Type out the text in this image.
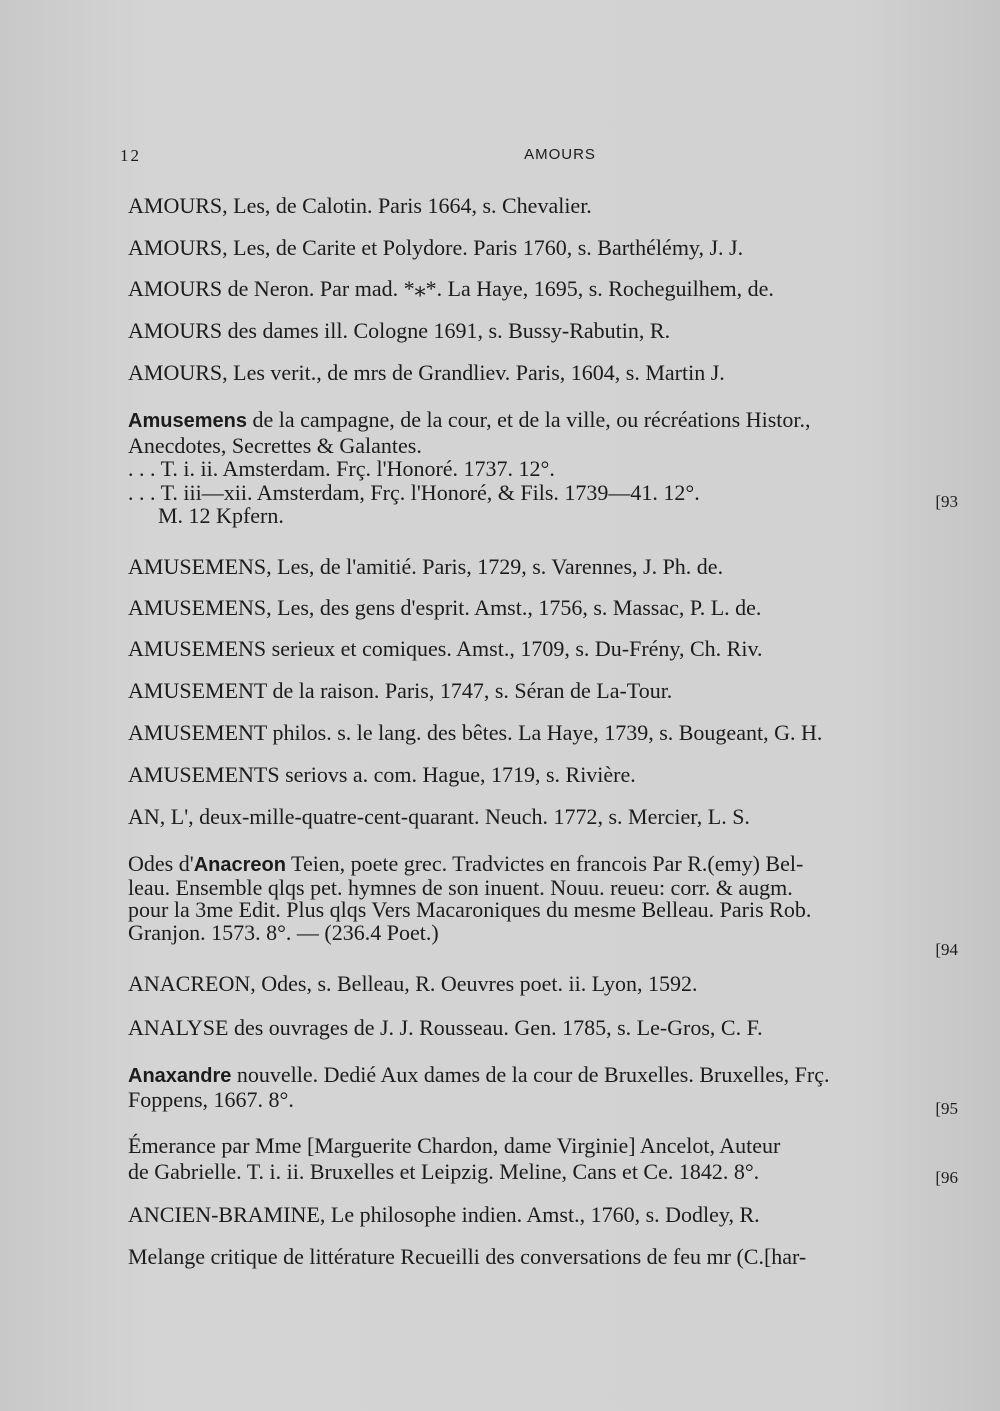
12	AMOURS
AMOURS, Les, de Calotin. Paris 1664, s. Chevalier.
AMOURS, Les, de Carite et Polydore. Paris 1760, s. Barthélémy, J. J.
AMOURS de Neron. Par mad. *⁎*. La Haye, 1695, s. Rocheguilhem, de.
AMOURS des dames ill. Cologne 1691, s. Bussy-Rabutin, R.
AMOURS, Les verit., de mrs de Grandliev. Paris, 1604, s. Martin J.
Amusemens de la campagne, de la cour, et de la ville, ou récréations Histor.,
Anecdotes, Secrettes & Galantes.
. . . T. i. ii. Amsterdam. Frç. l'Honoré. 1737. 12°.
. . . T. iii—xii. Amsterdam, Frç. l'Honoré, & Fils. 1739—41. 12°.
M. 12 Kpfern.
[93
AMUSEMENS, Les, de l'amitié. Paris, 1729, s. Varennes, J. Ph. de.
AMUSEMENS, Les, des gens d'esprit. Amst., 1756, s. Massac, P. L. de.
AMUSEMENS serieux et comiques. Amst., 1709, s. Du-Frény, Ch. Riv.
AMUSEMENT de la raison. Paris, 1747, s. Séran de La-Tour.
AMUSEMENT philos. s. le lang. des bêtes. La Haye, 1739, s. Bougeant, G. H.
AMUSEMENTS seriovs a. com. Hague, 1719, s. Rivière.
AN, L', deux-mille-quatre-cent-quarant. Neuch. 1772, s. Mercier, L. S.
Odes d'Anacreon Teien, poete grec. Tradvictes en francois Par R.(emy) Bel-
leau. Ensemble qlqs pet. hymnes de son inuent. Nouu. reueu: corr. & augm.
pour la 3me Edit. Plus qlqs Vers Macaroniques du mesme Belleau. Paris Rob.
Granjon. 1573. 8°. — (236.4 Poet.)
[94
ANACREON, Odes, s. Belleau, R. Oeuvres poet. ii. Lyon, 1592.
ANALYSE des ouvrages de J. J. Rousseau. Gen. 1785, s. Le-Gros, C. F.
Anaxandre nouvelle. Dedié Aux dames de la cour de Bruxelles. Bruxelles, Frç.
Foppens, 1667. 8°.	[95
Émerance par Mme [Marguerite Chardon, dame Virginie] Ancelot, Auteur
de Gabrielle. T. i. ii. Bruxelles et Leipzig. Meline, Cans et Ce. 1842. 8°.	[96
ANCIEN-BRAMINE, Le philosophe indien. Amst., 1760, s. Dodley, R.
Melange critique de littérature Recueilli des conversations de feu mr (C.[har-
